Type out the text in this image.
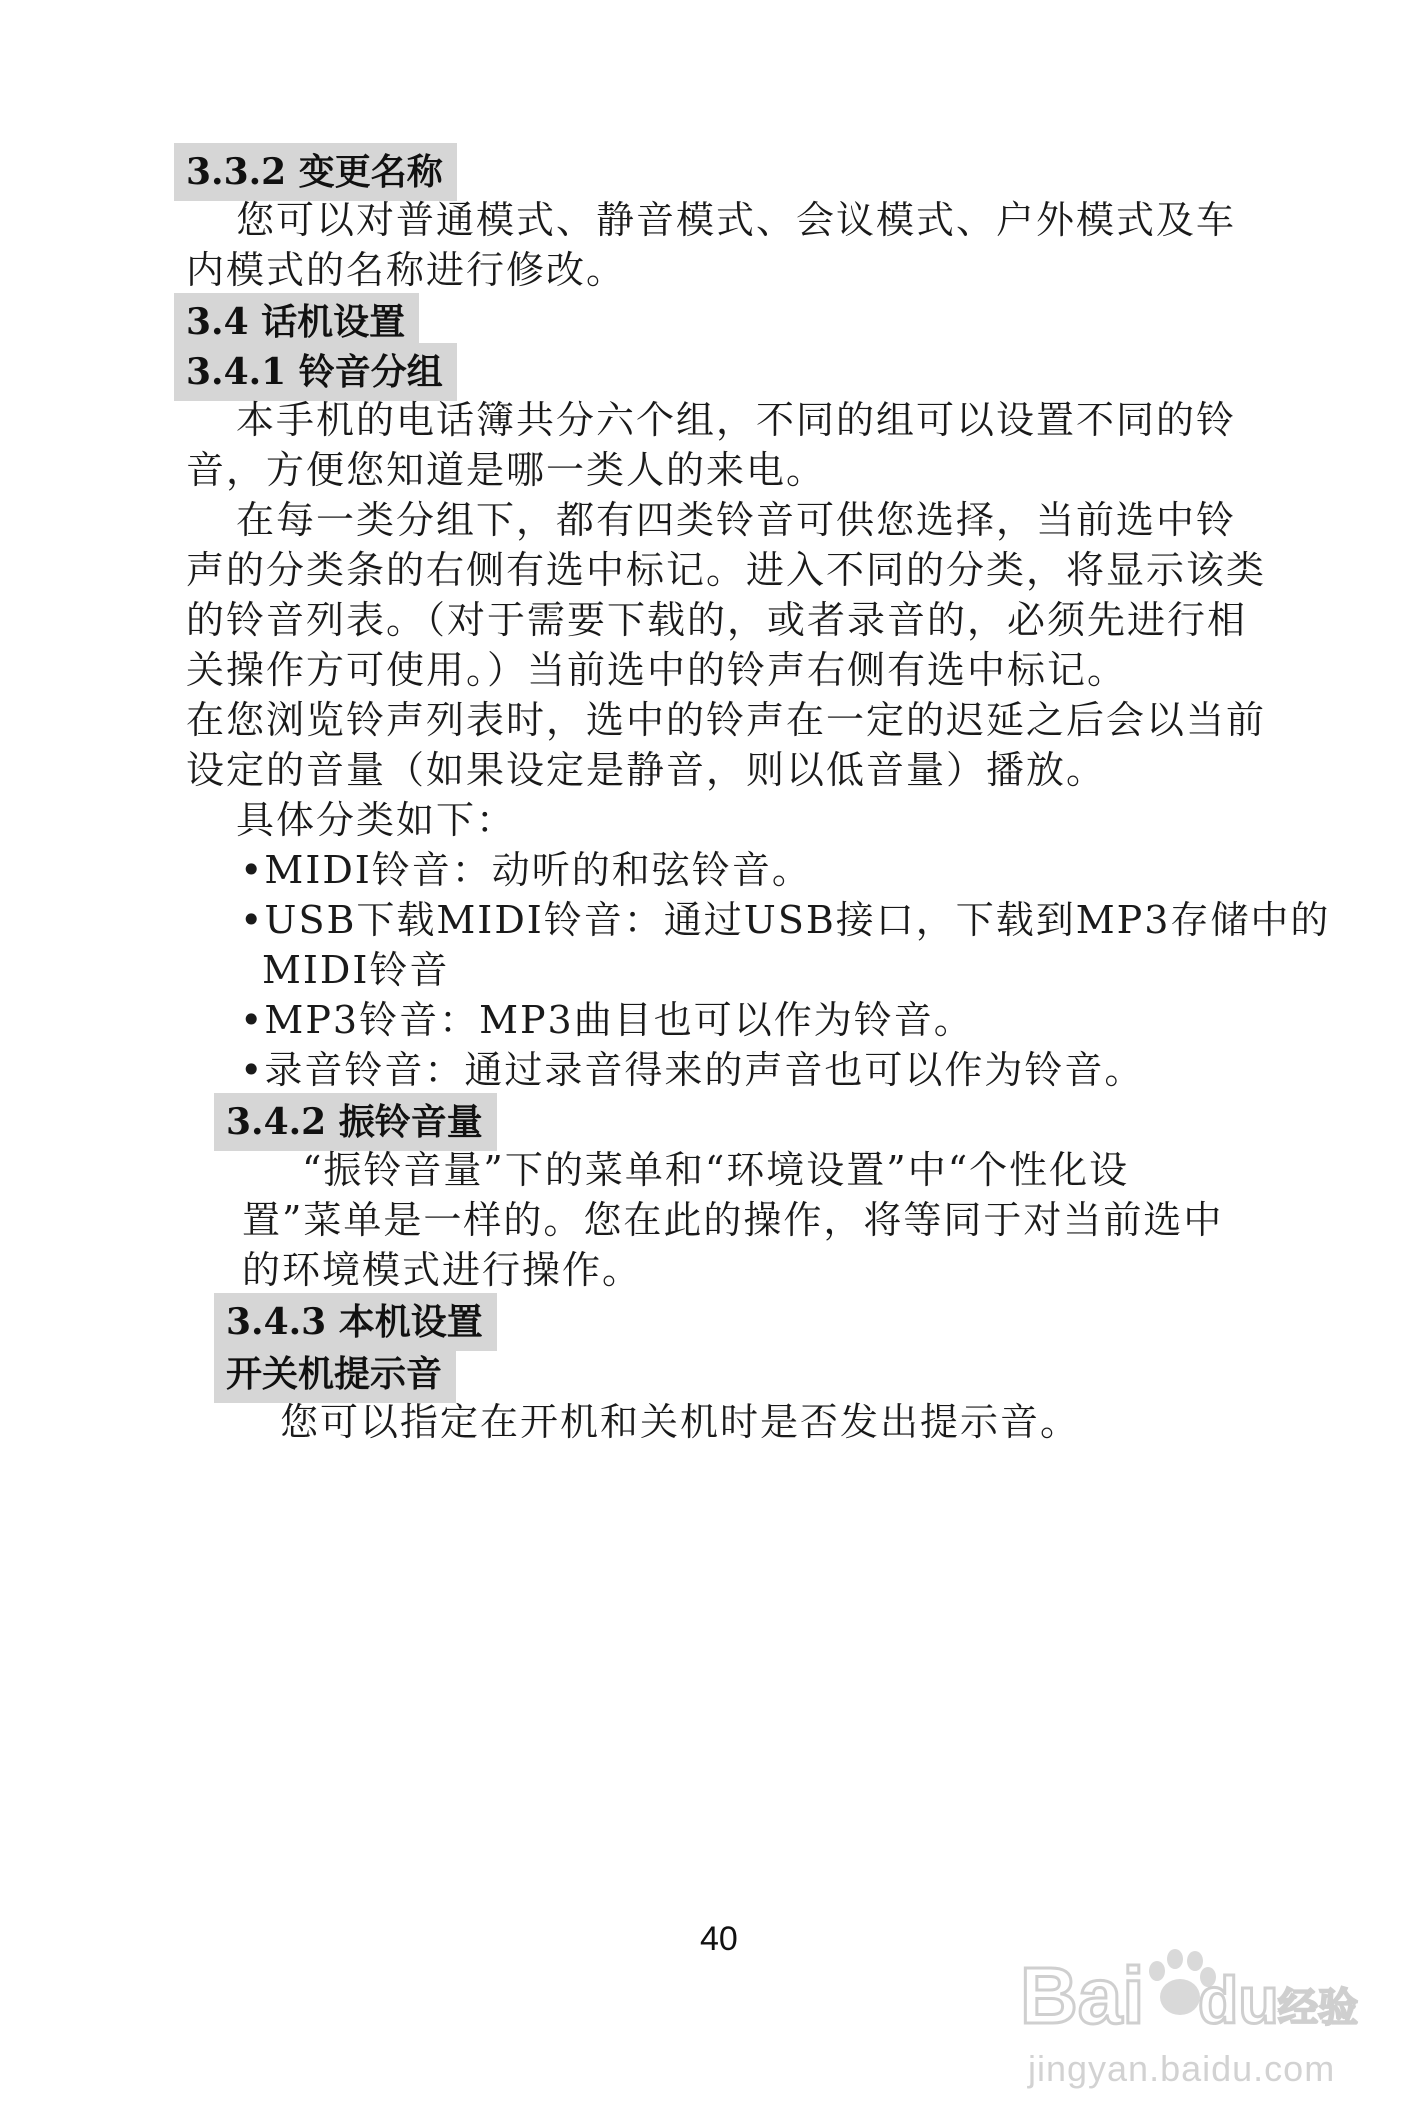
3.3.2 变更名称
您可以对普通模式、静音模式、会议模式、户外模式及车
内模式的名称进行修改。
3.4 话机设置
3.4.1 铃音分组
本手机的电话簿共分六个组，不同的组可以设置不同的铃
音，方便您知道是哪一类人的来电。
在每一类分组下，都有四类铃音可供您选择，当前选中铃
声的分类条的右侧有选中标记。进入不同的分类，将显示该类
的铃音列表。（对于需要下载的，或者录音的，必须先进行相
关操作方可使用。）当前选中的铃声右侧有选中标记。
在您浏览铃声列表时，选中的铃声在一定的迟延之后会以当前
设定的音量（如果设定是静音，则以低音量）播放。
具体分类如下：
•MIDI铃音：动听的和弦铃音。
•USB下载MIDI铃音：通过USB接口，下载到MP3存储中的
MIDI铃音
•MP3铃音：MP3曲目也可以作为铃音。
•录音铃音：通过录音得来的声音也可以作为铃音。
3.4.2 振铃音量
“振铃音量”下的菜单和“环境设置”中“个性化设
置”菜单是一样的。您在此的操作，将等同于对当前选中
的环境模式进行操作。
3.4.3 本机设置
开关机提示音
您可以指定在开机和关机时是否发出提示音。
40
Bai du 经验
jingyan.baidu.com
